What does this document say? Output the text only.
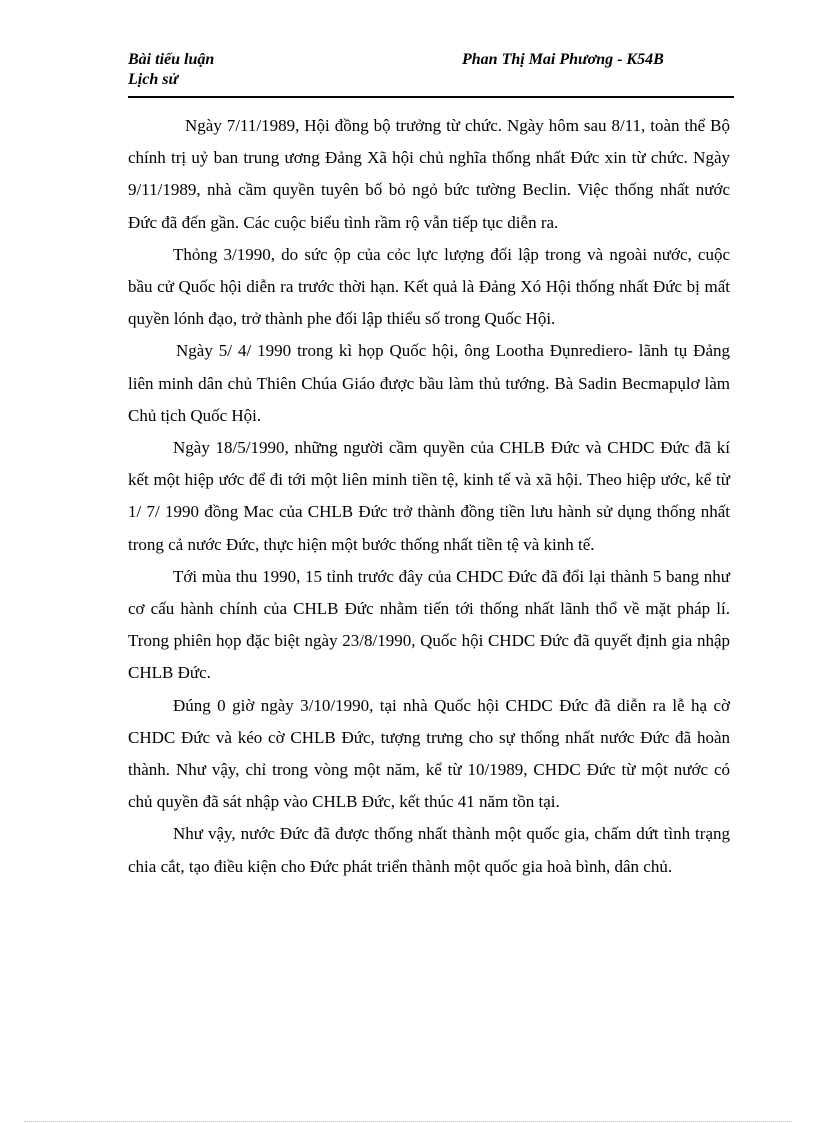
Bài tiểu luận
Lịch sử
Phan Thị Mai Phương - K54B

Ngày 7/11/1989, Hội đồng bộ trưởng từ chức. Ngày hôm sau 8/11, toàn thể Bộ chính trị uỷ ban trung ương Đảng Xã hội chủ nghĩa thống nhất Đức xin từ chức. Ngày 9/11/1989, nhà cầm quyền tuyên bố bỏ ngỏ bức tường Beclin. Việc thống nhất nước Đức đã đến gần. Các cuộc biểu tình rầm rộ vẫn tiếp tục diễn ra.

Thỏng 3/1990, do sức ộp của cỏc lực lượng đối lập trong và ngoài nước, cuộc bầu cử Quốc hội diễn ra trước thời hạn. Kết quả là Đảng Xó Hội thống nhất Đức bị mất quyền lónh đạo, trở thành phe đối lập thiểu số trong Quốc Hội.

Ngày 5/ 4/ 1990 trong kì họp Quốc hội, ông Lootha Đụnrediero- lãnh tụ Đảng liên minh dân chủ Thiên Chúa Giáo được bầu làm thủ tướng. Bà Sadin Becmapụlơ làm Chủ tịch Quốc Hội.

Ngày 18/5/1990, những người cầm quyền của CHLB Đức và CHDC Đức đã kí kết một hiệp ước để đi tới một liên minh tiền tệ, kinh tế và xã hội. Theo hiệp ước, kể từ 1/ 7/ 1990 đồng Mac của CHLB Đức trở thành đồng tiền lưu hành sử dụng thống nhất trong cả nước Đức, thực hiện một bước thống nhất tiền tệ và kinh tế.

Tới mùa thu 1990, 15 tỉnh trước đây của CHDC Đức đã đổi lại thành 5 bang như cơ cấu hành chính của CHLB Đức nhằm tiến tới thống nhất lãnh thổ về mặt pháp lí. Trong phiên họp đặc biệt ngày 23/8/1990, Quốc hội CHDC Đức đã quyết định gia nhập CHLB Đức.

Đúng 0 giờ ngày 3/10/1990, tại nhà Quốc hội CHDC Đức đã diễn ra lễ hạ cờ CHDC Đức và kéo cờ CHLB Đức, tượng trưng cho sự thống nhất nước Đức đã hoàn thành. Như vậy, chỉ trong vòng một năm, kể từ 10/1989, CHDC Đức từ một nước có chủ quyền đã sát nhập vào CHLB Đức, kết thúc 41 năm tồn tại.

Như vậy, nước Đức đã được thống nhất thành một quốc gia, chấm dứt tình trạng chia cắt, tạo điều kiện cho Đức phát triển thành một quốc gia hoà bình, dân chủ.
